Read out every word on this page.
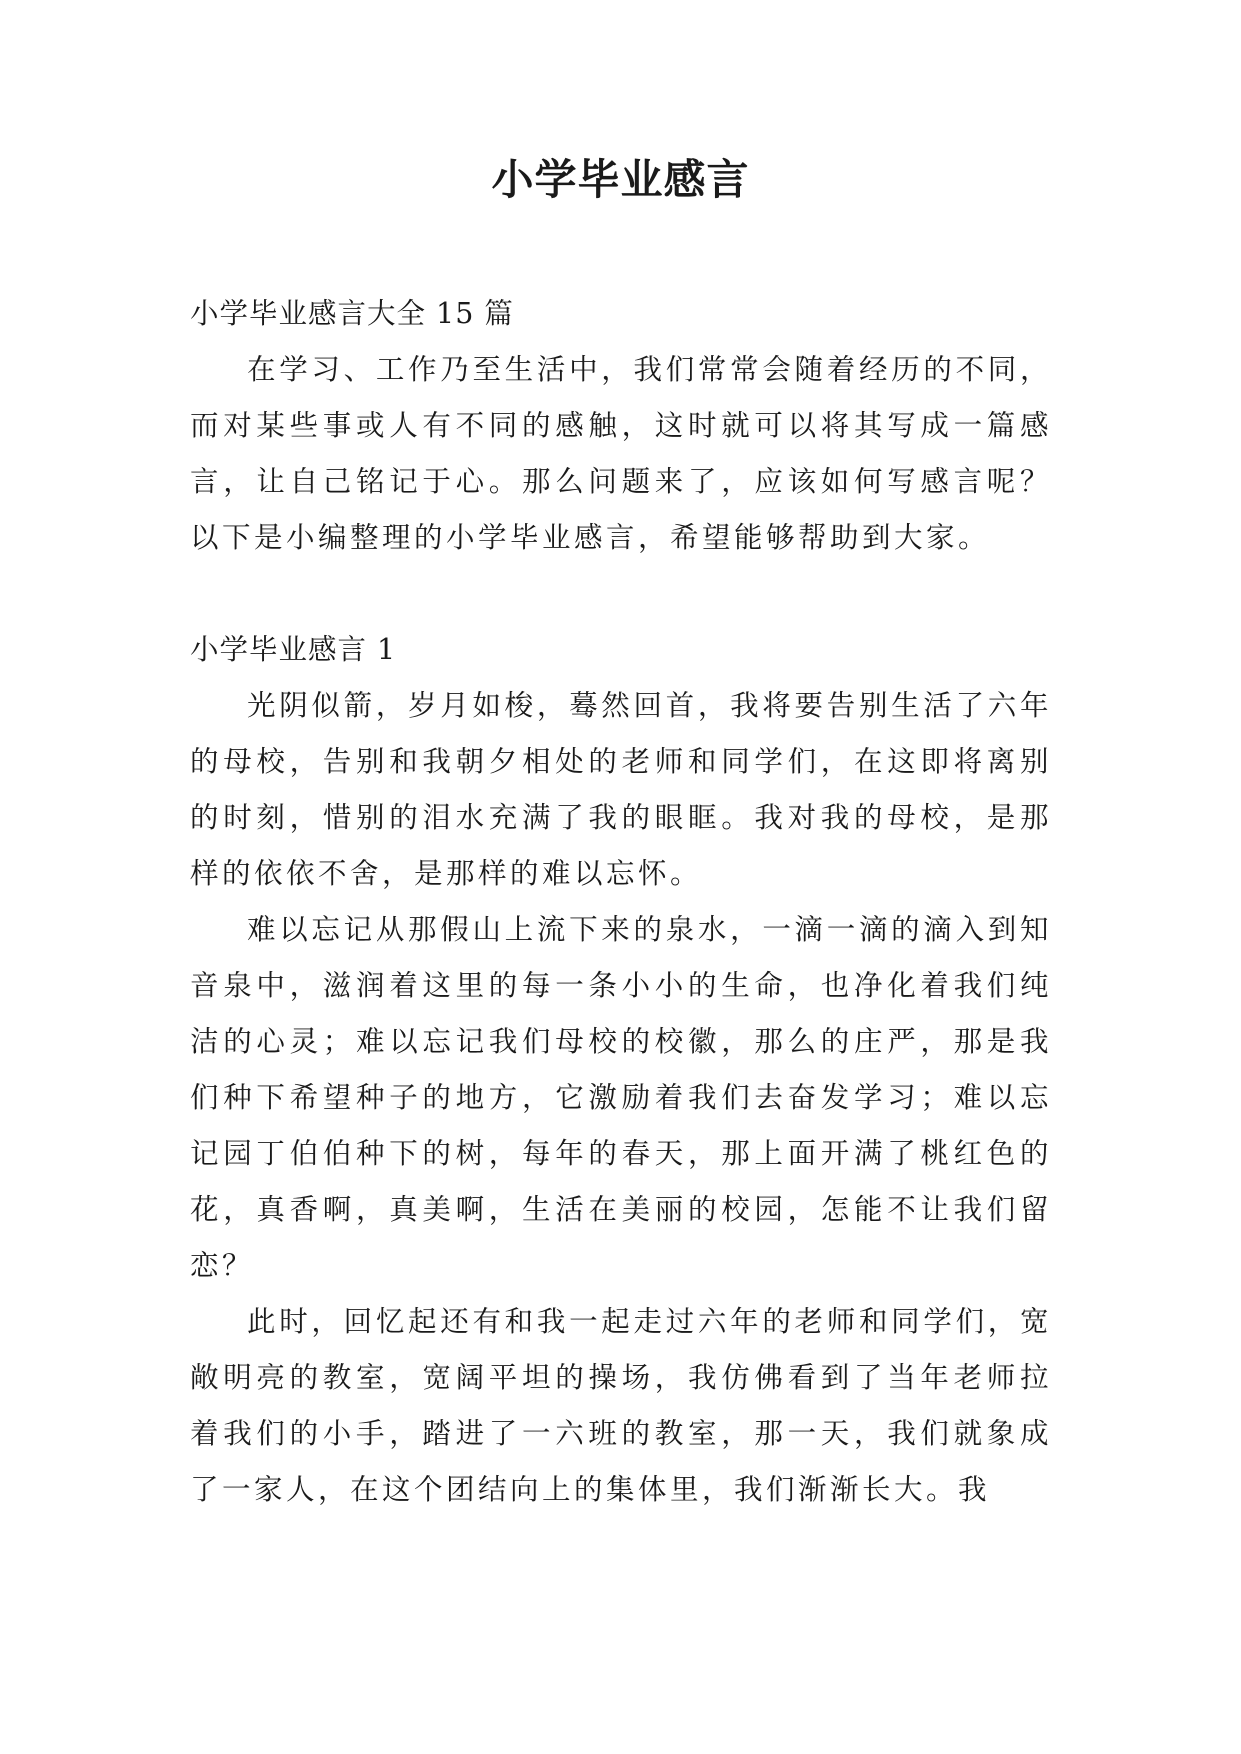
小学毕业感言

小学毕业感言大全 15 篇

在学习、工作乃至生活中，我们常常会随着经历的不同，而对某些事或人有不同的感触，这时就可以将其写成一篇感言，让自己铭记于心。那么问题来了，应该如何写感言呢？以下是小编整理的小学毕业感言，希望能够帮助到大家。

小学毕业感言 1

光阴似箭，岁月如梭，蓦然回首，我将要告别生活了六年的母校，告别和我朝夕相处的老师和同学们，在这即将离别的时刻，惜别的泪水充满了我的眼眶。我对我的母校，是那样的依依不舍，是那样的难以忘怀。

难以忘记从那假山上流下来的泉水，一滴一滴的滴入到知音泉中，滋润着这里的每一条小小的生命，也净化着我们纯洁的心灵；难以忘记我们母校的校徽，那么的庄严，那是我们种下希望种子的地方，它激励着我们去奋发学习；难以忘记园丁伯伯种下的树，每年的春天，那上面开满了桃红色的花，真香啊，真美啊，生活在美丽的校园，怎能不让我们留恋？

此时，回忆起还有和我一起走过六年的老师和同学们，宽敞明亮的教室，宽阔平坦的操场，我仿佛看到了当年老师拉着我们的小手，踏进了一六班的教室，那一天，我们就象成了一家人，在这个团结向上的集体里，我们渐渐长大。我
